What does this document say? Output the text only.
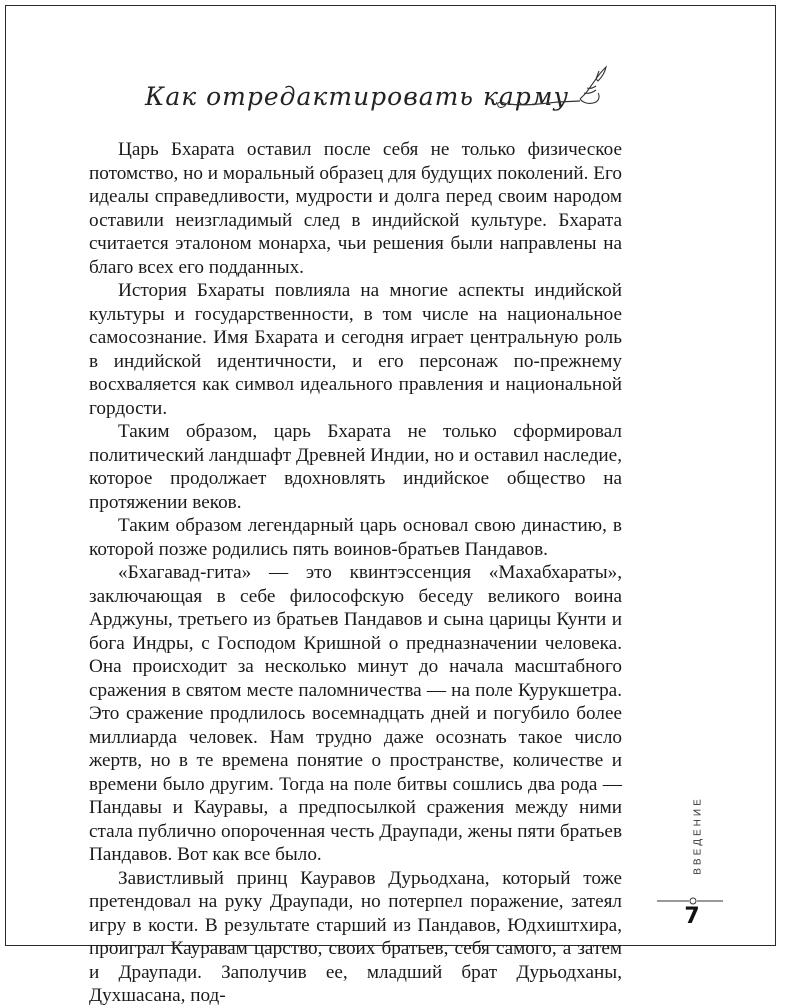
Как отредактировать карму

Царь Бхарата оставил после себя не только физическое потомство, но и моральный образец для будущих поколений. Его идеалы справедливости, мудрости и долга перед своим народом оставили неизгладимый след в индийской культуре. Бхарата считается эталоном монарха, чьи решения были направлены на благо всех его подданных.

История Бхараты повлияла на многие аспекты индийской культуры и государственности, в том числе на национальное самосознание. Имя Бхарата и сегодня играет центральную роль в индийской идентичности, и его персонаж по-прежнему восхваляется как символ идеального правления и национальной гордости.

Таким образом, царь Бхарата не только сформировал политический ландшафт Древней Индии, но и оставил наследие, которое продолжает вдохновлять индийское общество на протяжении веков.

Таким образом легендарный царь основал свою династию, в которой позже родились пять воинов-братьев Пандавов.

«Бхагавад-гита» — это квинтэссенция «Махабхараты», заключающая в себе философскую беседу великого воина Арджуны, третьего из братьев Пандавов и сына царицы Кунти и бога Индры, с Господом Кришной о предназначении человека. Она происходит за несколько минут до начала масштабного сражения в святом месте паломничества — на поле Курукшетра. Это сражение продлилось восемнадцать дней и погубило более миллиарда человек. Нам трудно даже осознать такое число жертв, но в те времена понятие о пространстве, количестве и времени было другим. Тогда на поле битвы сошлись два рода — Пандавы и Кауравы, а предпосылкой сражения между ними стала публично опороченная честь Драупади, жены пяти братьев Пандавов. Вот как все было.

Завистливый принц Кауравов Дурьодхана, который тоже претендовал на руку Драупади, но потерпел поражение, затеял игру в кости. В результате старший из Пандавов, Юдхиштхира, проиграл Кауравам царство, своих братьев, себя самого, а затем и Драупади. Заполучив ее, младший брат Дурьодханы, Духшасана, под-

ВВЕДЕНИЕ
7
